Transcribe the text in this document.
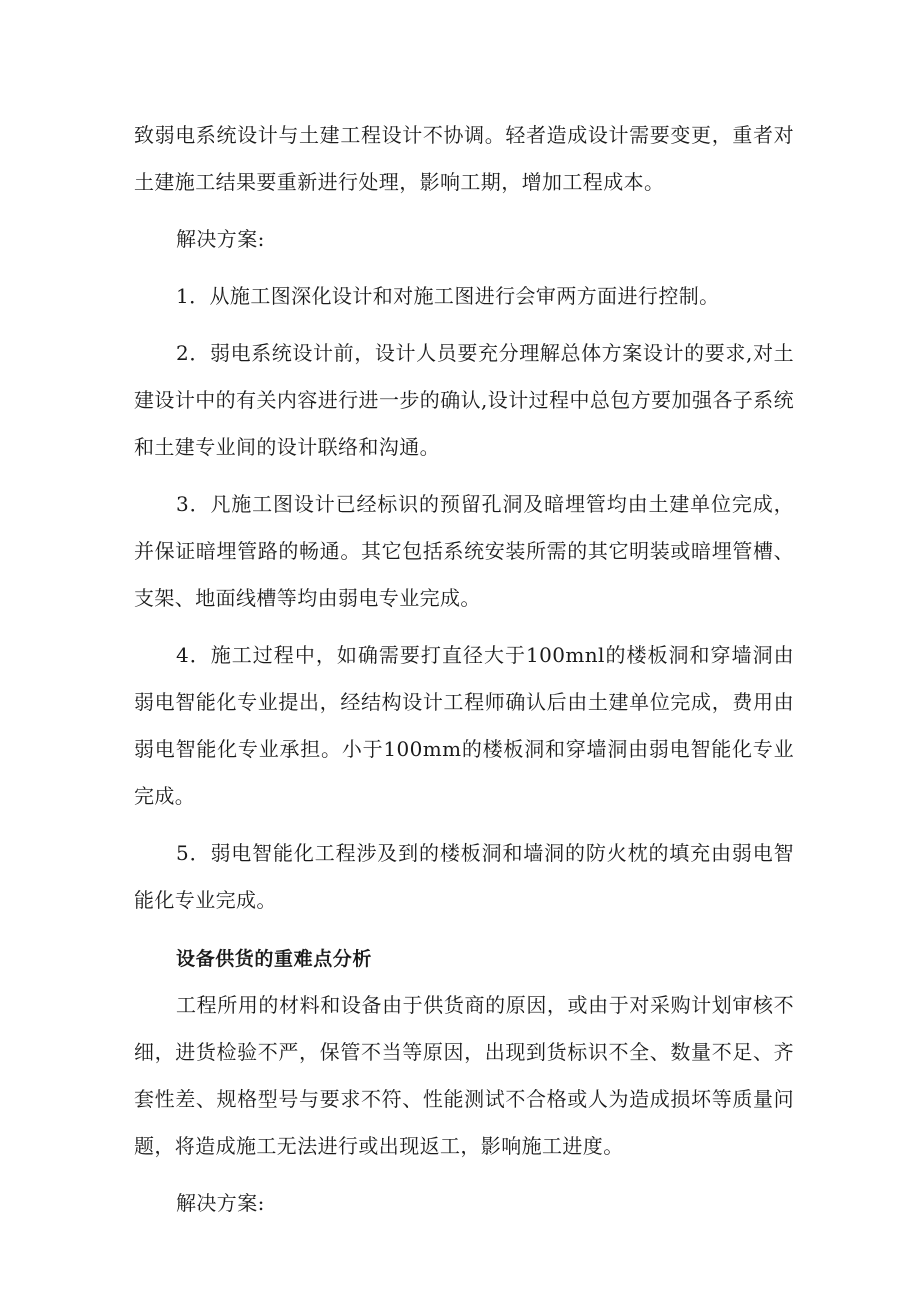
致弱电系统设计与土建工程设计不协调。轻者造成设计需要变更，重者对土建施工结果要重新进行处理，影响工期，增加工程成本。

解决方案:

1．从施工图深化设计和对施工图进行会审两方面进行控制。

2．弱电系统设计前，设计人员要充分理解总体方案设计的要求,对土建设计中的有关内容进行进一步的确认,设计过程中总包方要加强各子系统和土建专业间的设计联络和沟通。

3．凡施工图设计已经标识的预留孔洞及暗埋管均由土建单位完成，并保证暗埋管路的畅通。其它包括系统安装所需的其它明装或暗埋管槽、支架、地面线槽等均由弱电专业完成。

4．施工过程中，如确需要打直径大于100mnl的楼板洞和穿墙洞由弱电智能化专业提出，经结构设计工程师确认后由土建单位完成，费用由弱电智能化专业承担。小于100mm的楼板洞和穿墙洞由弱电智能化专业完成。

5．弱电智能化工程涉及到的楼板洞和墙洞的防火枕的填充由弱电智能化专业完成。

设备供货的重难点分析

工程所用的材料和设备由于供货商的原因，或由于对采购计划审核不细，进货检验不严，保管不当等原因，出现到货标识不全、数量不足、齐套性差、规格型号与要求不符、性能测试不合格或人为造成损坏等质量问题，将造成施工无法进行或出现返工，影响施工进度。

解决方案:
